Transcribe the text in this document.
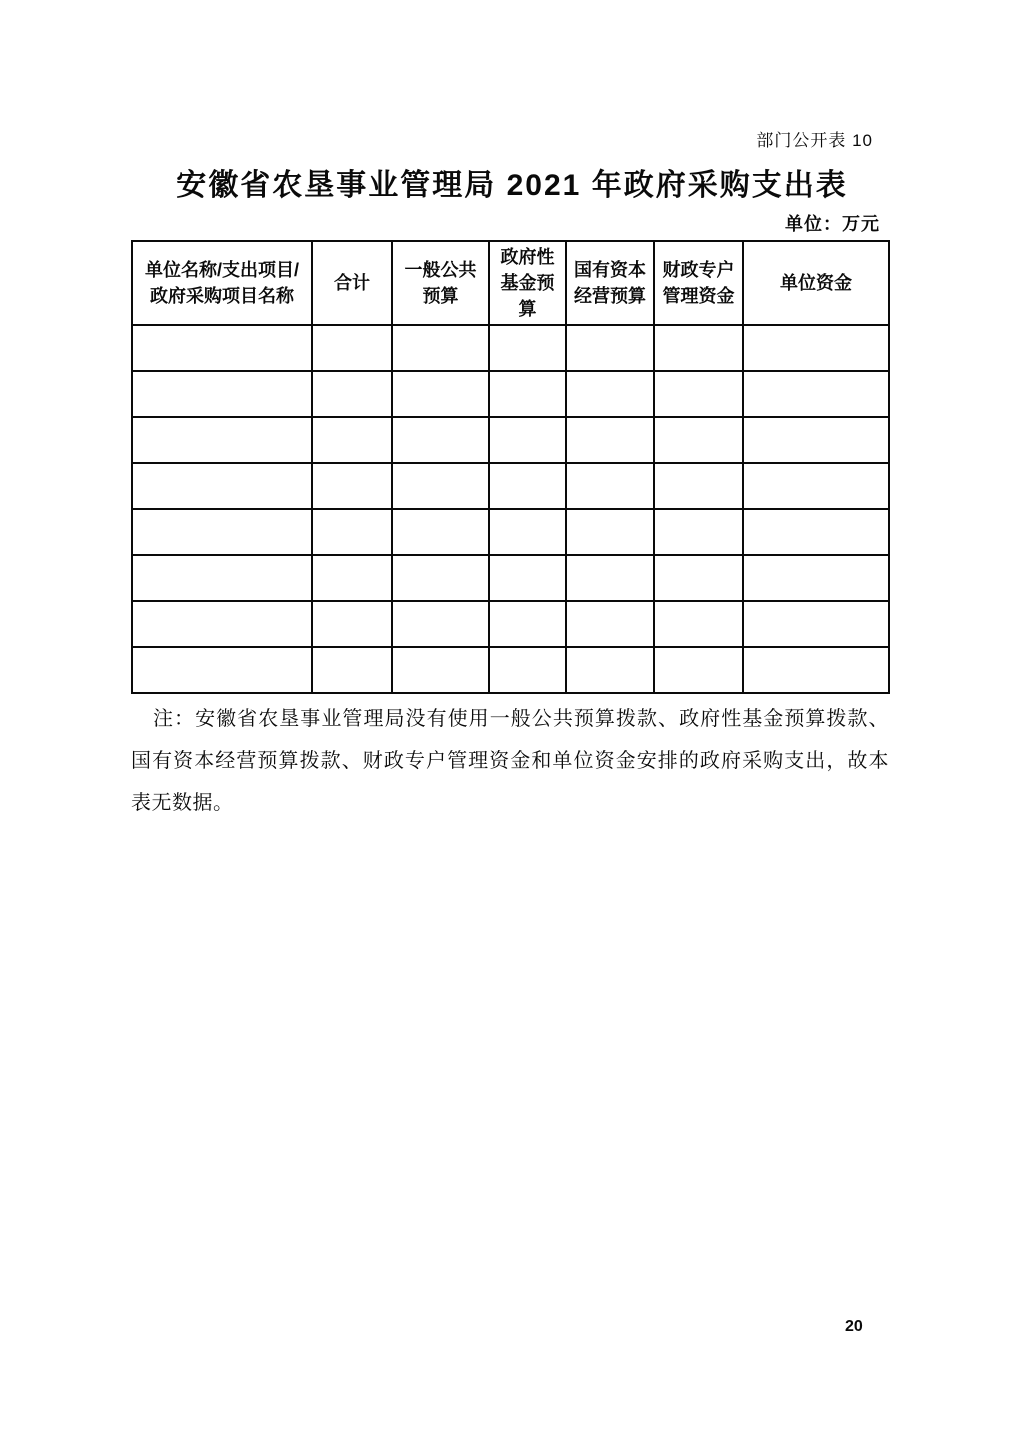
部门公开表 10
安徽省农垦事业管理局 2021 年政府采购支出表
单位：万元
单位名称/支出项目/政府采购项目名称	合计	一般公共预算	政府性基金预算	国有资本经营预算	财政专户管理资金	单位资金

注：安徽省农垦事业管理局没有使用一般公共预算拨款、政府性基金预算拨款、国有资本经营预算拨款、财政专户管理资金和单位资金安排的政府采购支出，故本表无数据。

20
